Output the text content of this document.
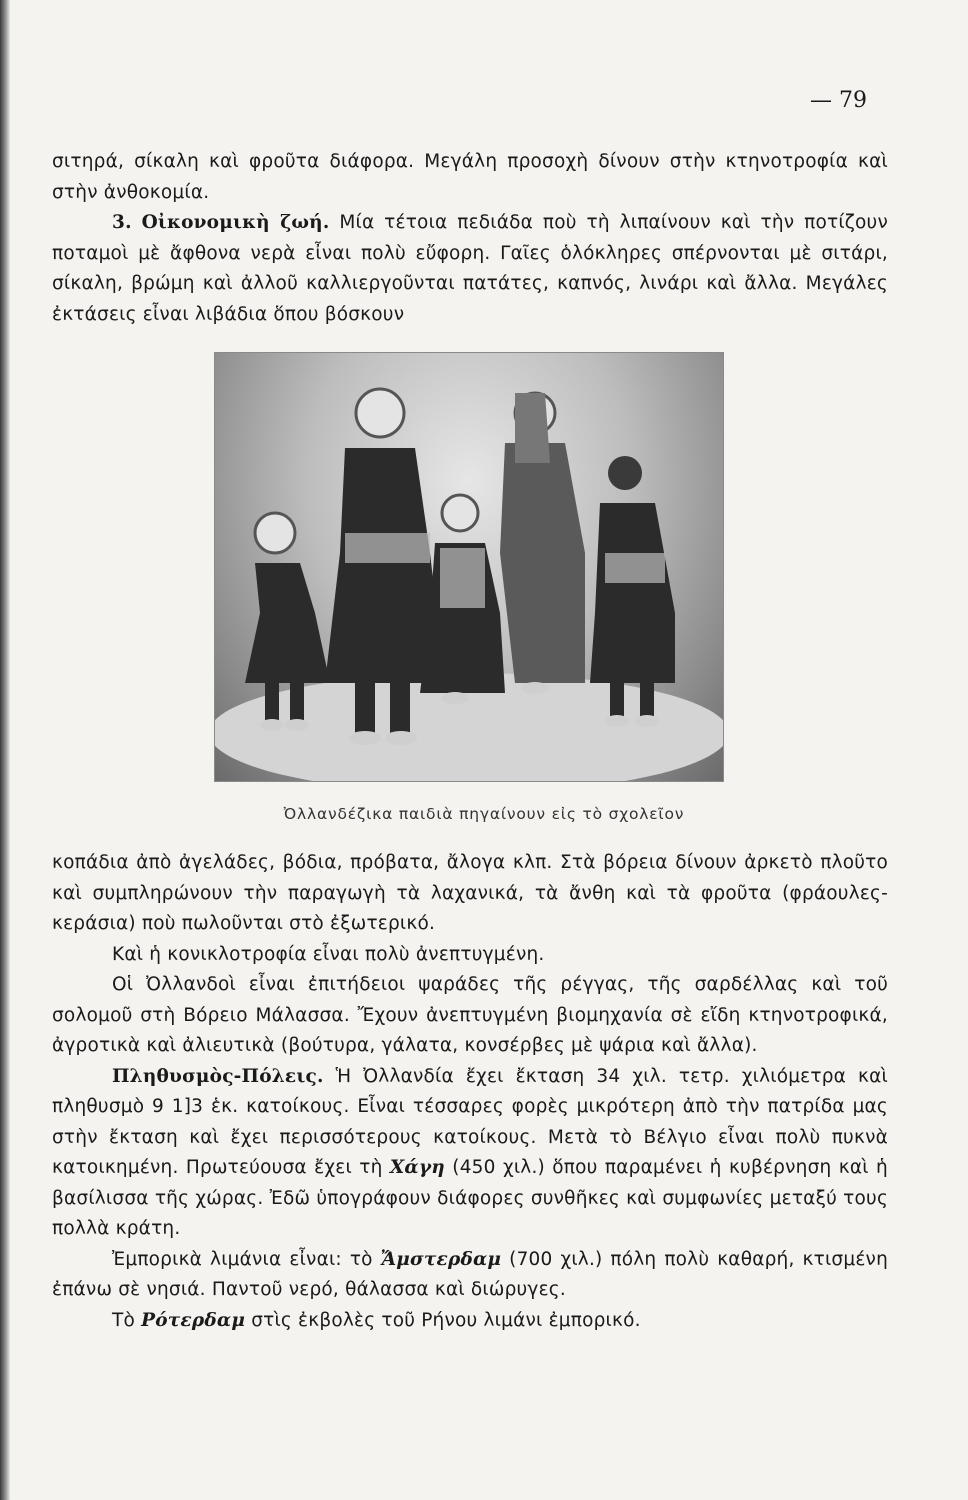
— 79

σιτηρά, σίκαλη καὶ φροῦτα διάφορα. Μεγάλη προσοχὴ δίνουν στὴν κτηνοτροφία καὶ στὴν ἀνθοκομία.

3. Οἰκονομικὴ ζωή. Μία τέτοια πεδιάδα ποὺ τὴ λιπαίνουν καὶ τὴν ποτίζουν ποταμοὶ μὲ ἄφθονα νερὰ εἶναι πολὺ εὔφορη. Γαῖες ὁλόκληρες σπέρνονται μὲ σιτάρι, σίκαλη, βρώμη καὶ ἀλλοῦ καλλιεργοῦνται πατάτες, καπνός, λινάρι καὶ ἄλλα. Μεγάλες ἐκτάσεις εἶναι λιβάδια ὅπου βόσκουν

Ὀλλανδέζικα παιδιὰ πηγαίνουν εἰς τὸ σχολεῖον

κοπάδια ἀπὸ ἀγελάδες, βόδια, πρόβατα, ἄλογα κλπ. Στὰ βόρεια δίνουν ἀρκετὸ πλοῦτο καὶ συμπληρώνουν τὴν παραγωγὴ τὰ λαχανικά, τὰ ἄνθη καὶ τὰ φροῦτα (φράουλες-κεράσια) ποὺ πωλοῦνται στὸ ἐξωτερικό.

Καὶ ἡ κονικλοτροφία εἶναι πολὺ ἀνεπτυγμένη.

Οἱ Ὀλλανδοὶ εἶναι ἐπιτήδειοι ψαράδες τῆς ρέγγας, τῆς σαρδέλλας καὶ τοῦ σολομοῦ στὴ Βόρειο Μάλασσα. Ἔχουν ἀνεπτυγμένη βιομηχανία σὲ εἴδη κτηνοτροφικά, ἀγροτικὰ καὶ ἀλιευτικὰ (βούτυρα, γάλατα, κονσέρβες μὲ ψάρια καὶ ἄλλα).

Πληθυσμὸς-Πόλεις. Ἡ Ὀλλανδία ἔχει ἔκταση 34 χιλ. τετρ. χιλιόμετρα καὶ πληθυσμὸ 9 1]3 ἑκ. κατοίκους. Εἶναι τέσσαρες φορὲς μικρότερη ἀπὸ τὴν πατρίδα μας στὴν ἔκταση καὶ ἔχει περισσότερους κατοίκους. Μετὰ τὸ Βέλγιο εἶναι πολὺ πυκνὰ κατοικημένη. Πρωτεύουσα ἔχει τὴ Χάγη (450 χιλ.) ὅπου παραμένει ἡ κυβέρνηση καὶ ἡ βασίλισσα τῆς χώρας. Ἐδῶ ὑπογράφουν διάφορες συνθῆκες καὶ συμφωνίες μεταξύ τους πολλὰ κράτη.

Ἐμπορικὰ λιμάνια εἶναι: τὸ Ἄμστερδαμ (700 χιλ.) πόλη πολὺ καθαρή, κτισμένη ἐπάνω σὲ νησιά. Παντοῦ νερό, θάλασσα καὶ διώρυγες.

Τὸ Ρότερδαμ στὶς ἐκβολὲς τοῦ Ρήνου λιμάνι ἐμπορικό.
